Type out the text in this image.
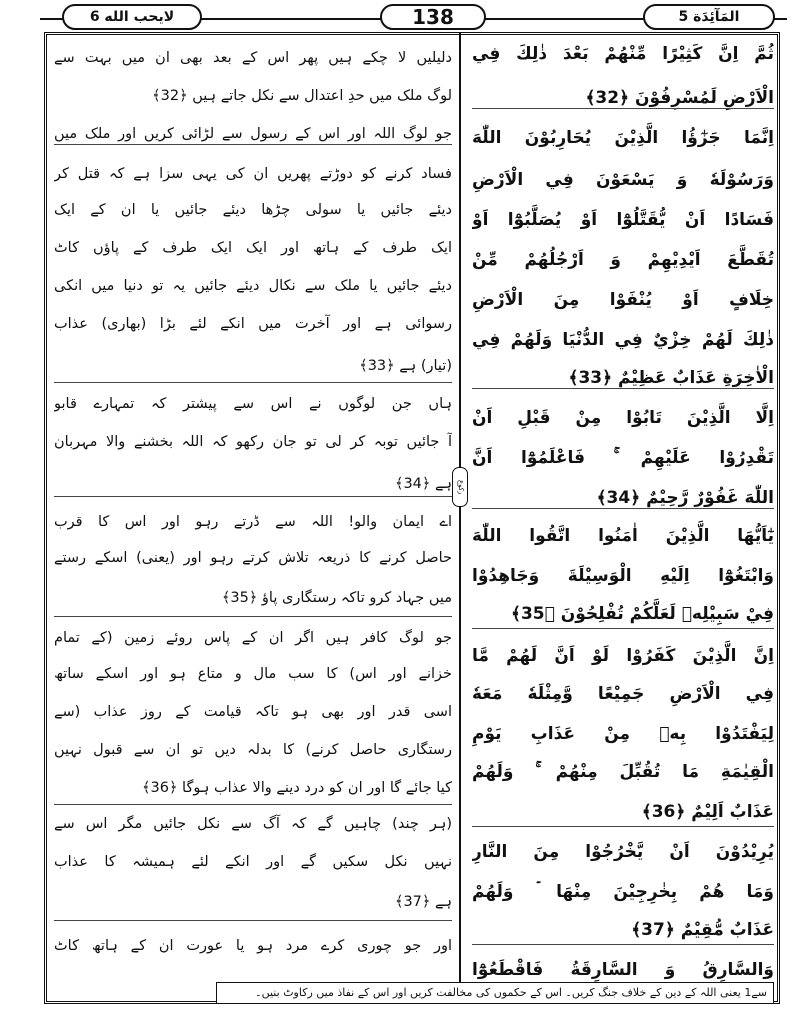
لايحب الله 6	138	المَآئِدَة 5
ركوع
ثُمَّ اِنَّ كَثِيْرًا مِّنْهُمْ بَعْدَ ذٰلِكَ فِي
الْاَرْضِ لَمُسْرِفُوْنَ ﴿32﴾
اِنَّمَا جَزٰٓؤُا الَّذِيْنَ يُحَارِبُوْنَ اللّٰهَ
وَرَسُوْلَهٗ وَ يَسْعَوْنَ فِي الْاَرْضِ
فَسَادًا اَنْ يُّقَتَّلُوْٓا اَوْ يُصَلَّبُوْٓا اَوْ
تُقَطَّعَ اَيْدِيْهِمْ وَ اَرْجُلُهُمْ مِّنْ
خِلَافٍ اَوْ يُنْفَوْا مِنَ الْاَرْضِ
ذٰلِكَ لَهُمْ خِزْيٌ فِي الدُّنْيَا وَلَهُمْ فِي
الْاٰخِرَةِ عَذَابٌ عَظِيْمٌ ﴿33﴾
اِلَّا الَّذِيْنَ تَابُوْا مِنْ قَبْلِ اَنْ
تَقْدِرُوْا عَلَيْهِمْ ۚ فَاعْلَمُوْٓا اَنَّ
اللّٰهَ غَفُوْرٌ رَّحِيْمٌ ﴿34﴾
يٰٓاَيُّهَا الَّذِيْنَ اٰمَنُوا اتَّقُوا اللّٰهَ
وَابْتَغُوْٓا اِلَيْهِ الْوَسِيْلَةَ وَجَاهِدُوْا
فِيْ سَبِيْلِهٖ لَعَلَّكُمْ تُفْلِحُوْنَ ﴿35﴾
اِنَّ الَّذِيْنَ كَفَرُوْا لَوْ اَنَّ لَهُمْ مَّا
فِي الْاَرْضِ جَمِيْعًا وَّمِثْلَهٗ مَعَهٗ
لِيَفْتَدُوْا بِهٖ مِنْ عَذَابِ يَوْمِ
الْقِيٰمَةِ مَا تُقُبِّلَ مِنْهُمْ ۚ وَلَهُمْ
عَذَابٌ اَلِيْمٌ ﴿36﴾
يُرِيْدُوْنَ اَنْ يَّخْرُجُوْا مِنَ النَّارِ
وَمَا هُمْ بِخٰرِجِيْنَ مِنْهَا ۡ وَلَهُمْ
عَذَابٌ مُّقِيْمٌ ﴿37﴾
وَالسَّارِقُ وَ السَّارِقَةُ فَاقْطَعُوْٓا
دلیلیں لا چکے ہیں پھر اس کے بعد بھی ان میں بہت سے
لوگ ملک میں حدِ اعتدال سے نکل جاتے ہیں ﴿32﴾
جو لوگ اللہ اور اس کے رسول سے لڑائی کریں اور ملک میں
فساد کرنے کو دوڑتے پھریں ان کی یہی سزا ہے کہ قتل کر
دیئے جائیں یا سولی چڑھا دیئے جائیں یا ان کے ایک
ایک طرف کے ہاتھ اور ایک ایک طرف کے پاؤں کاٹ
دیئے جائیں یا ملک سے نکال دیئے جائیں یہ تو دنیا میں انکی
رسوائی ہے اور آخرت میں انکے لئے بڑا (بھاری) عذاب
(تیار) ہے ﴿33﴾
ہاں جن لوگوں نے اس سے پیشتر کہ تمہارے قابو
آ جائیں توبہ کر لی تو جان رکھو کہ اللہ بخشنے والا مہربان
ہے ﴿34﴾
اے ایمان والو! اللہ سے ڈرتے رہو اور اس کا قرب
حاصل کرنے کا ذریعہ تلاش کرتے رہو اور (یعنی) اسکے رستے
میں جہاد کرو تاکہ رستگاری پاؤ ﴿35﴾
جو لوگ کافر ہیں اگر ان کے پاس روئے زمین (کے تمام
خزانے اور اس) کا سب مال و متاع ہو اور اسکے ساتھ
اسی قدر اور بھی ہو تاکہ قیامت کے روز عذاب (سے
رستگاری حاصل کرنے) کا بدلہ دیں تو ان سے قبول نہیں
کیا جائے گا اور ان کو درد دینے والا عذاب ہوگا ﴿36﴾
(ہر چند) چاہیں گے کہ آگ سے نکل جائیں مگر اس سے
نہیں نکل سکیں گے اور انکے لئے ہمیشہ کا عذاب
ہے ﴿37﴾
اور جو چوری کرے مرد ہو یا عورت ان کے ہاتھ کاٹ
سے1 یعنی اللہ کے دین کے خلاف جنگ کریں۔ اس کے حکموں کی مخالفت کریں اور اس کے نفاذ میں رکاوٹ بنیں۔
